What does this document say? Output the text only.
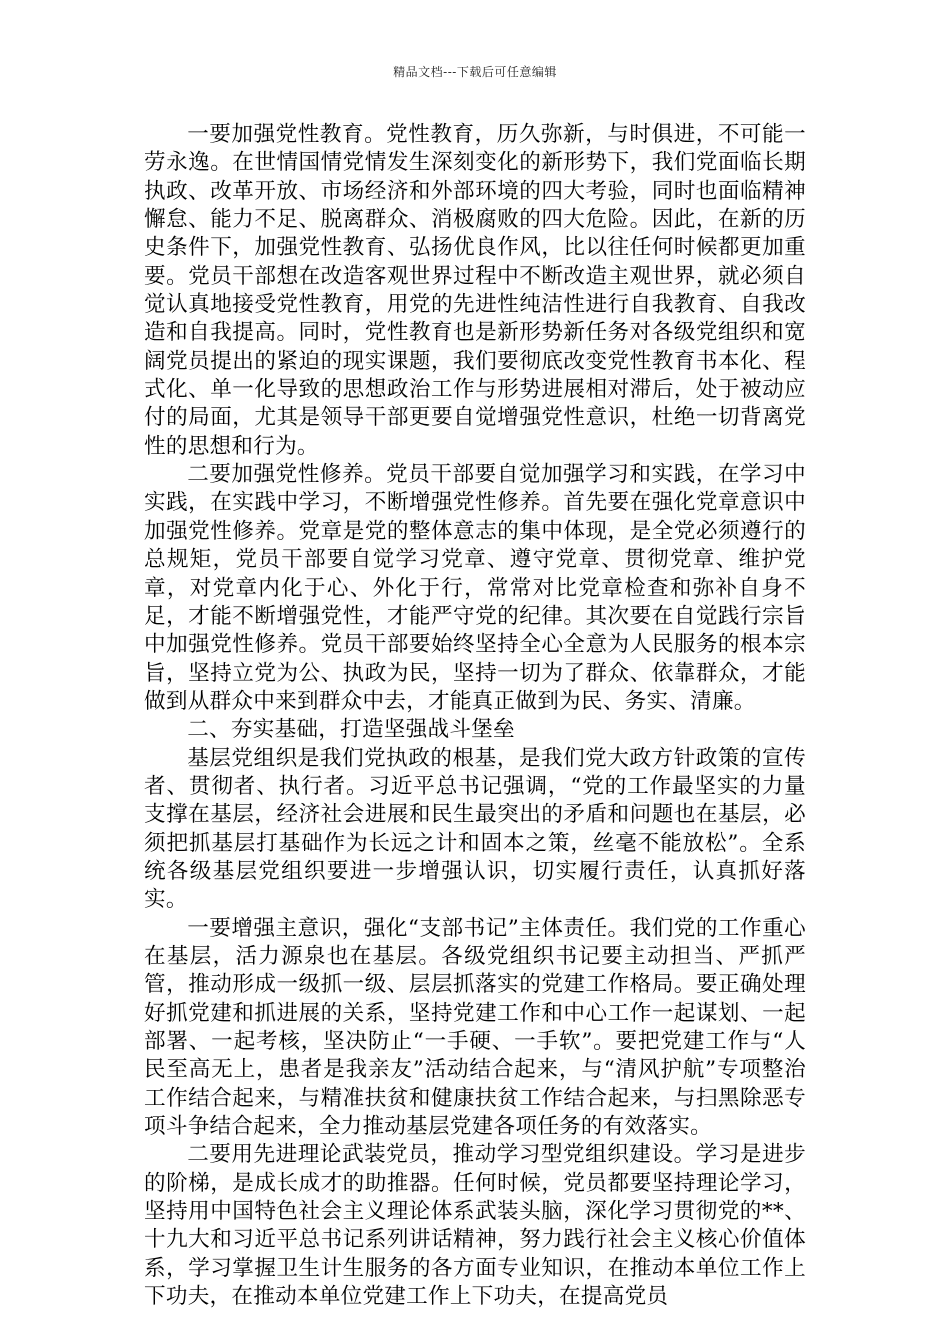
精品文档---下载后可任意编辑

一要加强党性教育。党性教育，历久弥新，与时俱进，不可能一劳永逸。在世情国情党情发生深刻变化的新形势下，我们党面临长期执政、改革开放、市场经济和外部环境的四大考验，同时也面临精神懈怠、能力不足、脱离群众、消极腐败的四大危险。因此，在新的历史条件下，加强党性教育、弘扬优良作风，比以往任何时候都更加重要。党员干部想在改造客观世界过程中不断改造主观世界，就必须自觉认真地接受党性教育，用党的先进性纯洁性进行自我教育、自我改造和自我提高。同时，党性教育也是新形势新任务对各级党组织和宽阔党员提出的紧迫的现实课题，我们要彻底改变党性教育书本化、程式化、单一化导致的思想政治工作与形势进展相对滞后，处于被动应付的局面，尤其是领导干部更要自觉增强党性意识，杜绝一切背离党性的思想和行为。

二要加强党性修养。党员干部要自觉加强学习和实践，在学习中实践，在实践中学习，不断增强党性修养。首先要在强化党章意识中加强党性修养。党章是党的整体意志的集中体现，是全党必须遵行的总规矩，党员干部要自觉学习党章、遵守党章、贯彻党章、维护党章，对党章内化于心、外化于行，常常对比党章检查和弥补自身不足，才能不断增强党性，才能严守党的纪律。其次要在自觉践行宗旨中加强党性修养。党员干部要始终坚持全心全意为人民服务的根本宗旨，坚持立党为公、执政为民，坚持一切为了群众、依靠群众，才能做到从群众中来到群众中去，才能真正做到为民、务实、清廉。

二、夯实基础，打造坚强战斗堡垒

基层党组织是我们党执政的根基，是我们党大政方针政策的宣传者、贯彻者、执行者。习近平总书记强调，“党的工作最坚实的力量支撑在基层，经济社会进展和民生最突出的矛盾和问题也在基层，必须把抓基层打基础作为长远之计和固本之策，丝毫不能放松”。全系统各级基层党组织要进一步增强认识，切实履行责任，认真抓好落实。

一要增强主意识，强化“支部书记”主体责任。我们党的工作重心在基层，活力源泉也在基层。各级党组织书记要主动担当、严抓严管，推动形成一级抓一级、层层抓落实的党建工作格局。要正确处理好抓党建和抓进展的关系，坚持党建工作和中心工作一起谋划、一起部署、一起考核，坚决防止“一手硬、一手软”。要把党建工作与“人民至高无上，患者是我亲友”活动结合起来，与“清风护航”专项整治工作结合起来，与精准扶贫和健康扶贫工作结合起来，与扫黑除恶专项斗争结合起来，全力推动基层党建各项任务的有效落实。

二要用先进理论武装党员，推动学习型党组织建设。学习是进步的阶梯，是成长成才的助推器。任何时候，党员都要坚持理论学习，坚持用中国特色社会主义理论体系武装头脑，深化学习贯彻党的**、十九大和习近平总书记系列讲话精神，努力践行社会主义核心价值体系，学习掌握卫生计生服务的各方面专业知识，在推动本单位工作上下功夫，在推动本单位党建工作上下功夫，在提高党员
